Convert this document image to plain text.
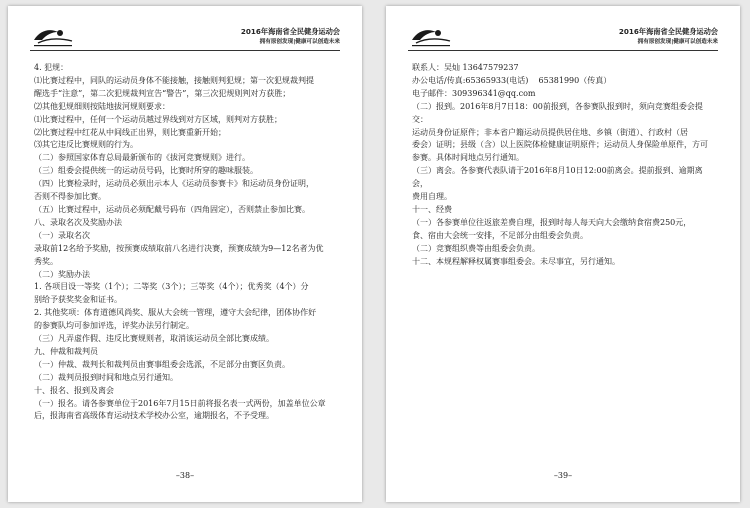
2016年海南省全民健身运动会
拥有原创发现|健康可以创造未来

4. 犯规：

⑴比赛过程中，同队的运动员身体不能接触，接触则判犯规；第一次犯规裁判提

醒选手“注意”，第二次犯规裁判宣告“警告”，第三次犯规则判对方获胜；

⑵其他犯规细则按陆地拔河规则要求：

⑴比赛过程中，任何一个运动员越过界线到对方区域，则判对方获胜；

⑵比赛过程中红花从中间线正出界，则比赛重新开始；

⑶其它违反比赛规则的行为。

（二）参照国家体育总局最新颁布的《拔河竞赛规则》进行。

（三）组委会提供统一的运动员号码，比赛时所穿的趣味服装。

（四）比赛检录时，运动员必须出示本人《运动员参赛卡》和运动员身份证明，

否则不得参加比赛。

（五）比赛过程中，运动员必须配戴号码布（四角固定），否则禁止参加比赛。

八、录取名次及奖励办法

（一）录取名次

录取前12名给予奖励，按预赛成绩取前八名进行决赛，预赛成绩为9—12名者为优

秀奖。

（二）奖励办法

1. 各项目设一等奖（1个）；二等奖（3个）；三等奖（4个）；优秀奖（4个）分

别给予获奖奖金和证书。

2. 其他奖项：体育道德风尚奖、服从大会统一管理，遵守大会纪律，团体协作好

的参赛队均可参加评选，评奖办法另行制定。

（三）凡弄虚作假、违反比赛规则者，取消该运动员全部比赛成绩。

九、仲裁和裁判员

（一）仲裁、裁判长和裁判员由赛事组委会选派，不足部分由赛区负责。

（二）裁判员报到时间和地点另行通知。

十、报名、报到及离会

（一）报名。请各参赛单位于2016年7月15日前将报名表一式两份，加盖单位公章

后，报海南省高级体育运动技术学校办公室，逾期报名，不予受理。

–38–
2016年海南省全民健身运动会
拥有原创发现|健康可以创造未来

联系人：吴灿 13647579237

办公电话/传真:65365933(电话)    65381990（传真）

电子邮件：309396341@qq.com

（二）报到。2016年8月7日18：00前报到，各参赛队报到时，须向竞赛组委会提交：

运动员身份证原件；非本省户籍运动员提供居住地、乡镇（街道）、行政村（居

委会）证明；县级（含）以上医院体检健康证明原件；运动员人身保险单原件，方可

参赛。具体时间地点另行通知。

（三）离会。各参赛代表队请于2016年8月10日12:00前离会。提前报到、逾期离会，

费用自理。

十一、经费

（一）各参赛单位往返旅差费自理，报到时每人每天向大会缴纳食宿费250元，

食、宿由大会统一安排，不足部分由组委会负责。

（二）竞赛组织费等由组委会负责。

十二、本规程解释权属赛事组委会。未尽事宜，另行通知。

–39–
